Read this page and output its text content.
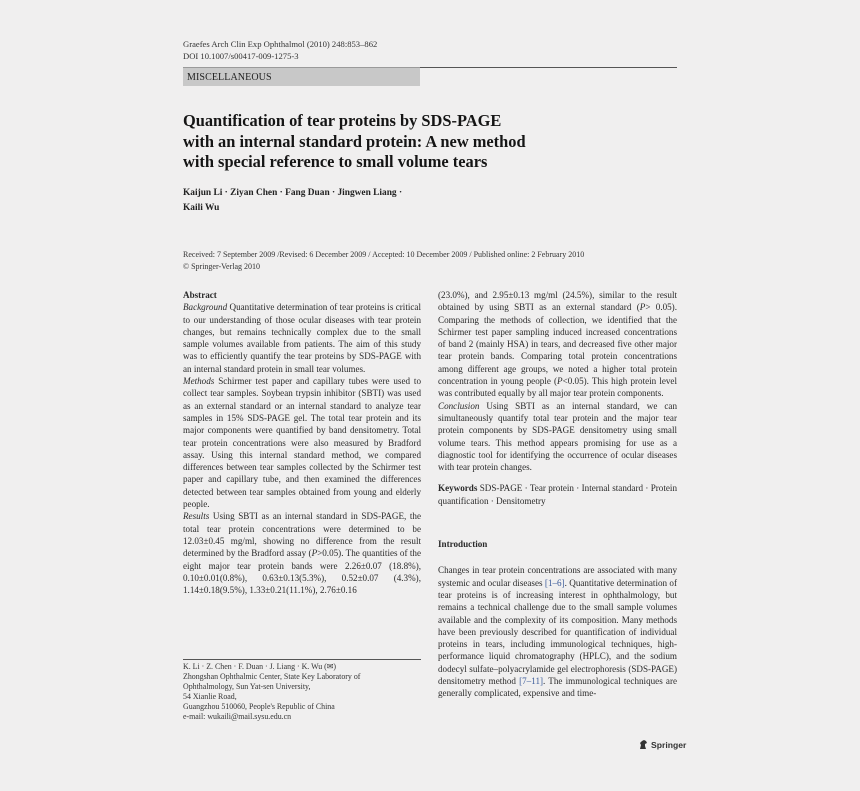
Graefes Arch Clin Exp Ophthalmol (2010) 248:853–862
DOI 10.1007/s00417-009-1275-3
MISCELLANEOUS
Quantification of tear proteins by SDS-PAGE
with an internal standard protein: A new method
with special reference to small volume tears
Kaijun Li · Ziyan Chen · Fang Duan · Jingwen Liang ·
Kaili Wu
Received: 7 September 2009 /Revised: 6 December 2009 / Accepted: 10 December 2009 / Published online: 2 February 2010
© Springer-Verlag 2010

Abstract
Background Quantitative determination of tear proteins is critical to our understanding of those ocular diseases with tear protein changes, but remains technically complex due to the small sample volumes available from patients. The aim of this study was to efficiently quantify the tear proteins by SDS-PAGE with an internal standard protein in small tear volumes.

Methods Schirmer test paper and capillary tubes were used to collect tear samples. Soybean trypsin inhibitor (SBTI) was used as an external standard or an internal standard to analyze tear samples in 15% SDS-PAGE gel. The total tear protein and its major components were quantified by band densitometry. Total tear protein concentrations were also measured by Bradford assay. Using this internal standard method, we compared differences between tear samples collected by the Schirmer test paper and capillary tube, and then examined the differences detected between tear samples obtained from young and elderly people.

Results Using SBTI as an internal standard in SDS-PAGE, the total tear protein concentrations were determined to be 12.03±0.45 mg/ml, showing no difference from the result determined by the Bradford assay (P>0.05). The quantities of the eight major tear protein bands were 2.26±0.07 (18.8%), 0.10±0.01(0.8%), 0.63±0.13(5.3%), 0.52±0.07 (4.3%), 1.14±0.18(9.5%), 1.33±0.21(11.1%), 2.76±0.16

K. Li · Z. Chen · F. Duan · J. Liang · K. Wu (✉)

Zhongshan Ophthalmic Center, State Key Laboratory of

Ophthalmology, Sun Yat-sen University,

54 Xianlie Road,

Guangzhou 510060, People's Republic of China

e-mail: wukaili@mail.sysu.edu.cn

(23.0%), and 2.95±0.13 mg/ml (24.5%), similar to the result obtained by using SBTI as an external standard (P> 0.05). Comparing the methods of collection, we identified that the Schirmer test paper sampling induced increased concentrations of band 2 (mainly HSA) in tears, and decreased five other major tear protein bands. Comparing total protein concentrations among different age groups, we noted a higher total protein concentration in young people (P<0.05). This high protein level was contributed equally by all major tear protein components.

Conclusion Using SBTI as an internal standard, we can simultaneously quantify total tear protein and the major tear protein components by SDS-PAGE densitometry using small volume tears. This method appears promising for use as a diagnostic tool for identifying the occurrence of ocular diseases with tear protein changes.

Keywords SDS-PAGE · Tear protein · Internal standard · Protein quantification · Densitometry

Introduction

Changes in tear protein concentrations are associated with many systemic and ocular diseases [1–6]. Quantitative determination of tear proteins is of increasing interest in ophthalmology, but remains a technical challenge due to the small sample volumes available and the complexity of its composition. Many methods have been previously described for quantification of individual proteins in tears, including immunological techniques, high-performance liquid chromatography (HPLC), and the sodium dodecyl sulfate–polyacrylamide gel electrophoresis (SDS-PAGE) densitometry method [7–11]. The immunological techniques are generally complicated, expensive and time-

Springer
